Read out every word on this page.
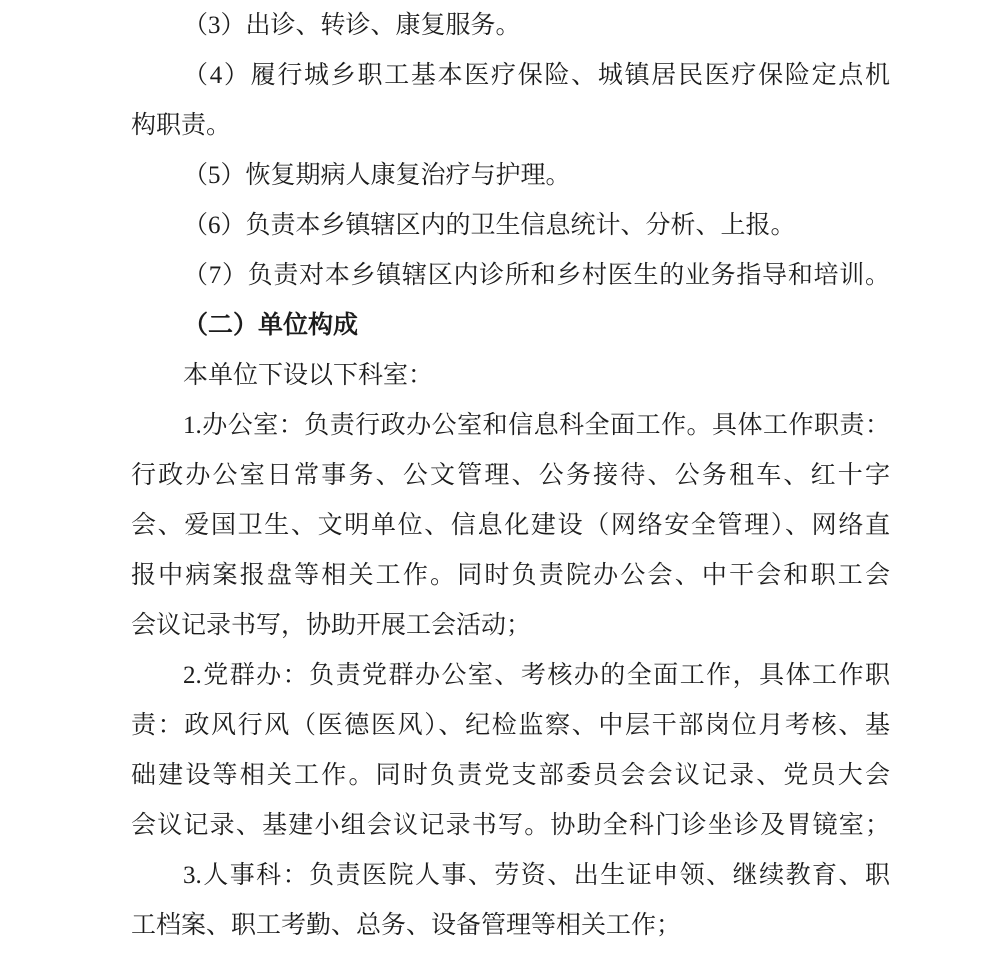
（3）出诊、转诊、康复服务。
（4）履行城乡职工基本医疗保险、城镇居民医疗保险定点机
构职责。
（5）恢复期病人康复治疗与护理。
（6）负责本乡镇辖区内的卫生信息统计、分析、上报。
（7）负责对本乡镇辖区内诊所和乡村医生的业务指导和培训。
（二）单位构成
本单位下设以下科室：
1.办公室：负责行政办公室和信息科全面工作。具体工作职责：
行政办公室日常事务、公文管理、公务接待、公务租车、红十字
会、爱国卫生、文明单位、信息化建设（网络安全管理）、网络直
报中病案报盘等相关工作。同时负责院办公会、中干会和职工会
会议记录书写，协助开展工会活动；
2.党群办：负责党群办公室、考核办的全面工作，具体工作职
责：政风行风（医德医风）、纪检监察、中层干部岗位月考核、基
础建设等相关工作。同时负责党支部委员会会议记录、党员大会
会议记录、基建小组会议记录书写。协助全科门诊坐诊及胃镜室；
3.人事科：负责医院人事、劳资、出生证申领、继续教育、职
工档案、职工考勤、总务、设备管理等相关工作；
